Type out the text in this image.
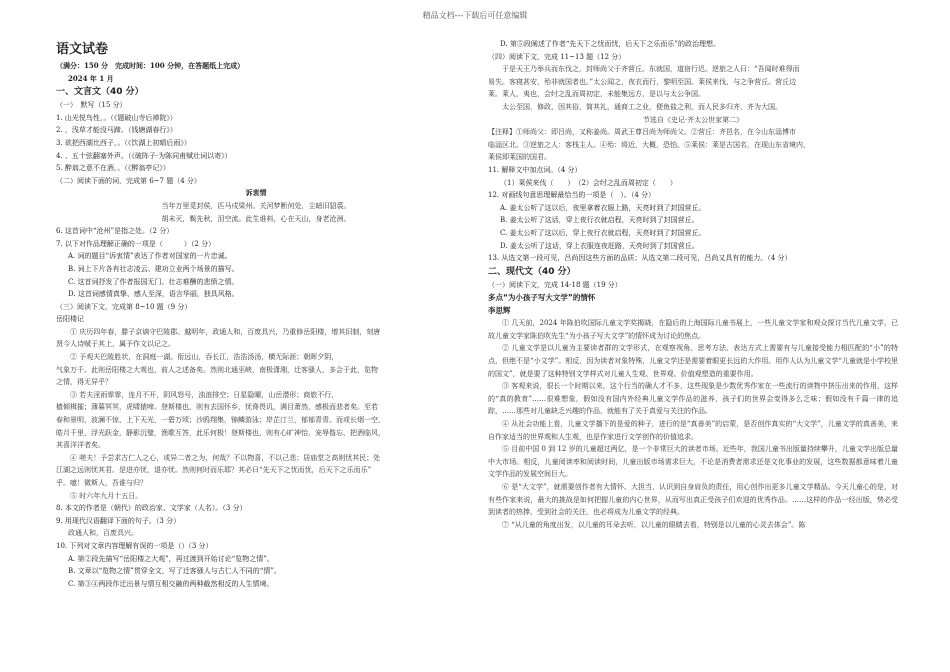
精品文档---下载后可任意编辑
语文试卷
（满分：150 分　完成时间：100 分钟，在答题纸上完成）
2024 年 1 月
一、文言文（40 分）
（一）　默写（15 分）
1. 山光悦鸟性，。（《题破山寺后禅院》）
2. ，浅草才能没马蹄。（钱塘湖春行》）
3. 欲把西湖比西子，。（《饮湖上初晴后雨》）
4. 、五十弦翻塞外声。（《破阵子·为陈同甫赋壮词以寄》）
5. 醉翁之意不在酒，。（《醉翁亭记》）
（二）阅读下面的词，完成第 6~7 题（4 分）
诉衷情
当年万里觅封侯，匹马戍梁州。关河梦断何处，尘暗旧貂裘。
胡未灭，鬓先秋，泪空流。此生谁料，心在天山，身老沧洲。
6. 这首词中“沧州”是指之处。（2 分）
7. 以下对作品理解正确的一项是（　　　）（2 分）
A. 词的题目“诉衷情”表达了作者对国家的一片忠诚。
B. 词上下片各有壮志凌云、建功立业两个场景的描写。
C. 这首词抒发了作者报国无门、壮志难酬的悲愤之情。
D. 这首词感情真挚、感人至深，语言华丽，独具风格。
（三）阅读下文，完成第 8~10 题（9 分）
岳阳楼记
① 庆历四年春，滕子京谪守巴陵郡。越明年，政通人和，百废具兴，乃重修岳阳楼，增其旧制，刻唐
贤今人诗赋于其上，属予作文以记之。
② 予观夫巴陵胜状，在洞庭一湖。衔远山，吞长江，浩浩汤汤，横无际涯；朝晖夕阴，
气象万千。此则岳阳楼之大观也，前人之述备矣。然则北通巫峡，南极潇湘，迁客骚人，多会于此，览物
之情，得无异乎？
③ 若夫淫雨霏霏，连月不开，阴风怒号，浊浪排空；日星隐曜，山岳潜形；商旅不行，
樯倾楫摧；薄暮冥冥，虎啸猿啼。登斯楼也，则有去国怀乡，忧谗畏讥，满目萧然，感极而悲者矣。至若
春和景明，波澜不惊，上下天光，一碧万顷；沙鸥翔集，锦鳞游泳；岸芷汀兰，郁郁青青。而或长烟一空，
皓月千里，浮光跃金，静影沉璧，渔歌互答，此乐何极！登斯楼也，则有心旷神怡，宠辱偕忘，把酒临风，
其喜洋洋者矣。
④ 嗟夫！予尝求古仁人之心，或异二者之为，何哉？不以物喜，不以己悲；居庙堂之高则忧其民；处
江湖之远则忧其君。是进亦忧，退亦忧。然则何时而乐耶？其必曰“先天下之忧而忧，后天下之乐而乐”
乎。噫！微斯人，吾谁与归？
⑤ 时六年九月十五日。
8. 本文的作者是（朝代）的政治家、文学家（人名）。（3 分）
9. 用现代汉语翻译下面的句子。（3 分）
政通人和，百废具兴。
10. 下列对文章内容理解有误的一项是（）（3 分）
A. 第②段先描写“岳阳楼之大观”，再过渡到开始讨论“览物之情”。
B. 文章以“览物之情”贯穿全文，写了迁客骚人与古仁人不同的“情”。
C. 第③④两段作迁出景与情互相交融的两种截然相反的人生情境。
D. 第⑤段阐述了作者“先天下之忧而忧，后天下之乐而乐”的政治理想。
（四）阅读下文，完成 11~13 题（12 分）
于是天王乃举兵而东伐之，封师尚父于齐营丘。东就国，道宿行迟。逆旅之人曰：“吾闻时难得而
易失。客寝甚安，殆非就国者也。”太公闻之，夜衣而行，黎明至国。莱侯来伐，与之争营丘。营丘边
莱。莱人，夷也，会纣之乱而周初定，未能集远方，是以与太公争国。
太公至国，修政，因其俗，简其礼，通商工之业，便鱼盐之利，而人民多归齐，齐为大国。
节选自《史记·齐太公世家第二》
【注释】①师尚父：即吕尚，又称姜尚。周武王尊吕尚为师尚父。②营丘：齐邑名，在今山东淄博市
临淄区北。③逆旅之人：客栈主人。④殆：将近，大概，恐怕。⑤莱侯：莱是古国名，在现山东省境内，
莱侯即莱国的国君。
11. 解释文中加点词。（4 分）
（1）莱侯来伐（　　）　（2）会纣之乱而周初定（　　）
12. 对画线句意思理解最恰当的一项是（　）。（4 分）
A. 姜太公听了这以后，夜里拿着衣服上路，天亮时到了封国营丘。
B. 姜太公听了这话，穿上夜行衣就启程，天亮时到了封国营丘。
C. 姜太公听了这以后，穿上夜行衣就启程，天亮时到了封国营丘。
D. 姜太公听了这话，穿上衣服连夜赶路，天亮时到了封国营丘。
13. 从选文第一段可见，吕尚因这些方面的品质；从选文第二段可见，吕尚又具有的能力。（4 分）
二、现代文（40 分）
（一）阅读下文，完成 14-18 题（19 分）
多点“为小孩子写大文学”的情怀
李思辉
① 几天前，2024 年陈伯吹国际儿童文学奖揭晓，在隐后的上海国际儿童书展上，一些儿童文学家和观众探讨当代儿童文学，已故儿童文学家陈伯吹先生“为小孩子写大文学”的情怀成为讨论的焦点。
② 儿童文学是以儿童为主要读者群的文学形式，在观察视角、思考方法、表达方式上需要有与儿童接受能力相匹配的“小”的特点，但绝不是“小文学”。相反，因为读者对象特殊，儿童文学还是需要着眼更长远的大作用。用作人认为儿童文学“儿童就是小学校里的国文”，就是要了这种特别文学样式对儿童人生观、世界观、价值观塑造的重要作用。
③ 客观来说，很长一个时期以来，这个行当的确人才不多，这些现象是少数优秀作家在一些流行的读物中挤压出来的作用，这样的“真的教育”……很难想象，假如没有国内外经典儿童文学作品的滋养，孩子们的世界会变得多么乏味；假如没有千篇一律的追踪，……那些对儿童缺乏兴趣的作品，就能有了关于真爱与关注的作品。
④ 从社会功能上看，儿童文学播下的是爱的种子，进行的是“真善美”的启蒙，是否创作真实的“大文学”，儿童文学的真善美，来自作家适当的世界观和人生观，也是作家进行文学创作的价值追求。
⑤ 目前中国 0 到 12 岁的儿童超过两亿，是一个非常巨大的读者市场。近些年，我国儿童书出版量持续攀升，儿童文学出版总量中大市场。相反，儿童阅读率和阅读时间，儿童出版市场需求巨大，不论是消费者需求还是文化事业的发展，这些数据都意味着儿童文学作品的发展空间巨大。
⑥ 是“大文学”，就需要创作者有大情怀、大担当，认识到自身肩负的责任，用心创作出更多儿童文学精品。今天儿童心的是，对有些作家来说，最大的挑战是如何把握儿童的内心世界，从而写出真正受孩子们欢迎的优秀作品。……这样的作品一经出版，势必受到读者的热捧，受到社会的关注，也必将成为儿童文学的经典。
⑦ “从儿童的角度出发，以儿童的耳朵去听，以儿童的眼睛去看，特别是以儿童的心灵去体会”。陈
